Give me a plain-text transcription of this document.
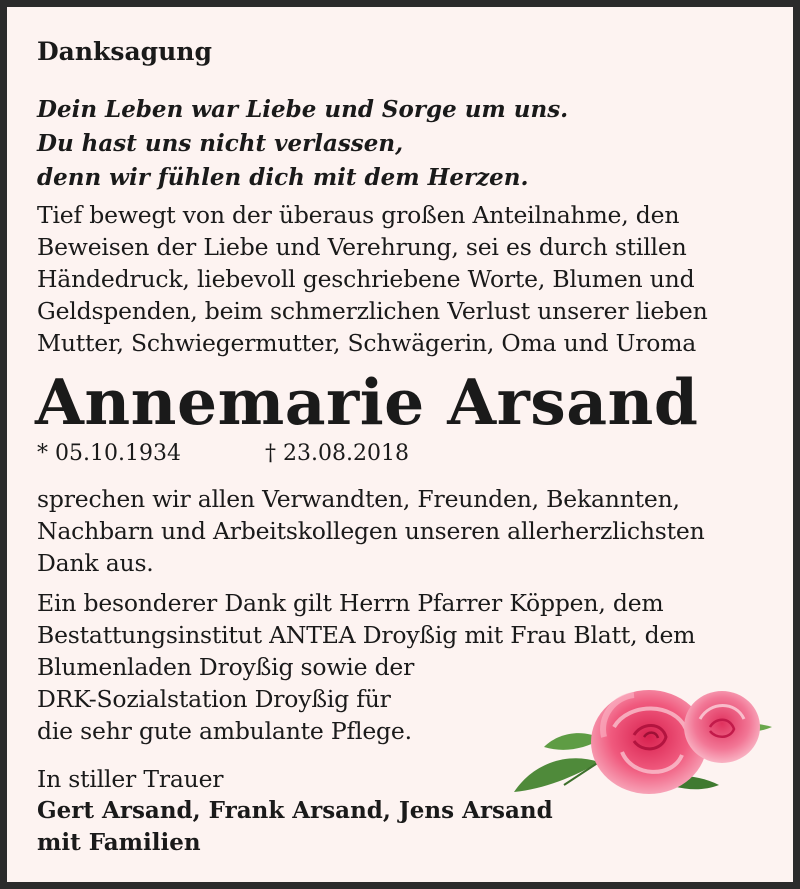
Danksagung
Dein Leben war Liebe und Sorge um uns.
Du hast uns nicht verlassen,
denn wir fühlen dich mit dem Herzen.
Tief bewegt von der überaus großen Anteilnahme, den
Beweisen der Liebe und Verehrung, sei es durch stillen
Händedruck, liebevoll geschriebene Worte, Blumen und
Geldspenden, beim schmerzlichen Verlust unserer lieben
Mutter, Schwiegermutter, Schwägerin, Oma und Uroma
Annemarie Arsand
* 05.10.1934	† 23.08.2018
sprechen wir allen Verwandten, Freunden, Bekannten,
Nachbarn und Arbeitskollegen unseren allerherzlichsten
Dank aus.
Ein besonderer Dank gilt Herrn Pfarrer Köppen, dem
Bestattungsinstitut ANTEA Droyßig mit Frau Blatt, dem
Blumenladen Droyßig sowie der
DRK-Sozialstation Droyßig für
die sehr gute ambulante Pflege.
In stiller Trauer
Gert Arsand, Frank Arsand, Jens Arsand
mit Familien
